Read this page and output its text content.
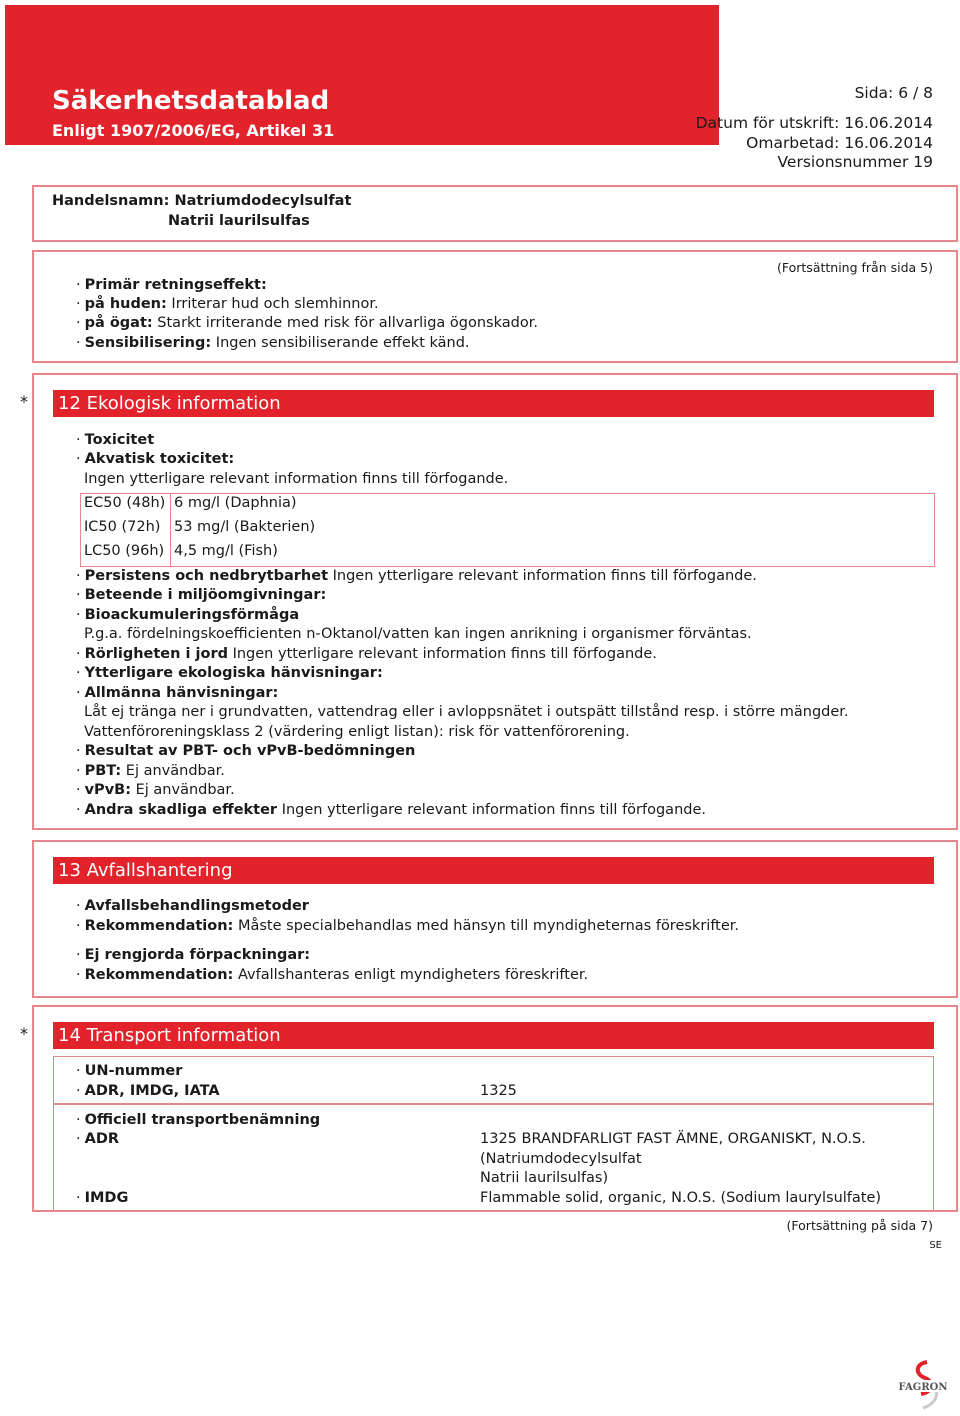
Säkerhetsdatablad
Enligt 1907/2006/EG, Artikel 31
Sida: 6 / 8
Datum för utskrift: 16.06.2014
Omarbetad: 16.06.2014
Versionsnummer 19
Handelsnamn: Natriumdodecylsulfat
Natrii laurilsulfas
(Fortsättning från sida 5)
· Primär retningseffekt:
· på huden: Irriterar hud och slemhinnor.
· på ögat: Starkt irriterande med risk för allvarliga ögonskador.
· Sensibilisering: Ingen sensibiliserande effekt känd.
* 12 Ekologisk information
· Toxicitet
· Akvatisk toxicitet:
Ingen ytterligare relevant information finns till förfogande.
EC50 (48h) 6 mg/l (Daphnia)
IC50 (72h) 53 mg/l (Bakterien)
LC50 (96h) 4,5 mg/l (Fish)
· Persistens och nedbrytbarhet Ingen ytterligare relevant information finns till förfogande.
· Beteende i miljöomgivningar:
· Bioackumuleringsförmåga
P.g.a. fördelningskoefficienten n-Oktanol/vatten kan ingen anrikning i organismer förväntas.
· Rörligheten i jord Ingen ytterligare relevant information finns till förfogande.
· Ytterligare ekologiska hänvisningar:
· Allmänna hänvisningar:
Låt ej tränga ner i grundvatten, vattendrag eller i avloppsnätet i outspätt tillstånd resp. i större mängder.
Vattenföroreningsklass 2 (värdering enligt listan): risk för vattenförorening.
· Resultat av PBT- och vPvB-bedömningen
· PBT: Ej användbar.
· vPvB: Ej användbar.
· Andra skadliga effekter Ingen ytterligare relevant information finns till förfogande.
13 Avfallshantering
· Avfallsbehandlingsmetoder
· Rekommendation: Måste specialbehandlas med hänsyn till myndigheternas föreskrifter.
· Ej rengjorda förpackningar:
· Rekommendation: Avfallshanteras enligt myndigheters föreskrifter.
* 14 Transport information
· UN-nummer
· ADR, IMDG, IATA	1325
· Officiell transportbenämning
· ADR	1325 BRANDFARLIGT FAST ÄMNE, ORGANISKT, N.O.S.
(Natriumdodecylsulfat
Natrii laurilsulfas)
· IMDG	Flammable solid, organic, N.O.S. (Sodium laurylsulfate)
(Fortsättning på sida 7)
SE
FAGRON
